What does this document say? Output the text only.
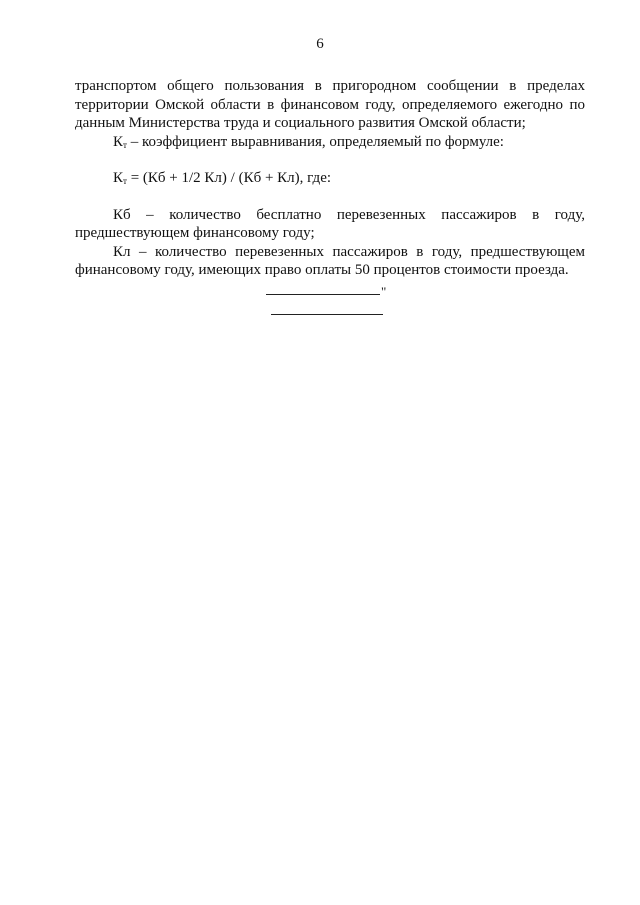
6

транспортом общего пользования в пригородном сообщении в пределах территории Омской области в финансовом году, определяемого ежегодно по данным Министерства труда и социального развития Омской области;

$К_т$ – коэффициент выравнивания, определяемый по формуле:

$К_т = (Кб + 1/2$ Кл) / (Кб + Кл), где:

Кб – количество бесплатно перевезенных пассажиров в году, предшествующем финансовому году;

Кл – количество перевезенных пассажиров в году, предшествующем финансовому году, имеющих право оплаты 50 процентов стоимости проезда.

"
